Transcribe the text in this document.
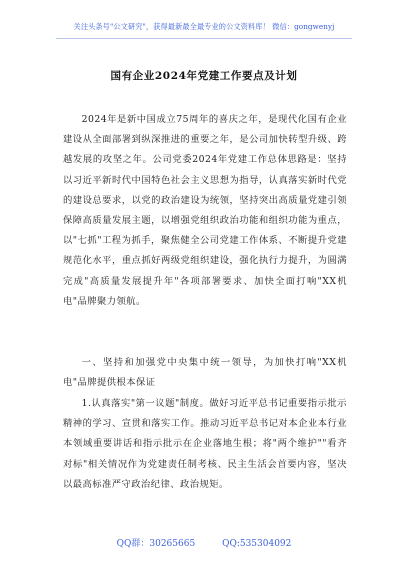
关注头条号"公文研究"，获得最新最全最专业的公文资料库！ 微信：gongwenyj
国有企业2024年党建工作要点及计划

2024年是新中国成立75周年的喜庆之年，是现代化国有企业建设从全面部署到纵深推进的重要之年，是公司加快转型升级、跨越发展的攻坚之年。公司党委2024年党建工作总体思路是：坚持以习近平新时代中国特色社会主义思想为指导，认真落实新时代党的建设总要求，以党的政治建设为统领，坚持突出高质量党建引领保障高质量发展主题，以增强党组织政治功能和组织功能为重点，以"七抓"工程为抓手，聚焦健全公司党建工作体系、不断提升党建规范化水平，重点抓好两级党组织建设，强化执行力提升，为圆满完成"高质量发展提升年"各项部署要求、加快全面打响"XX机电"品牌聚力领航。

一、坚持和加强党中央集中统一领导，为加快打响"XX机电"品牌提供根本保证

1.认真落实"第一议题"制度。做好习近平总书记重要指示批示精神的学习、宣贯和落实工作。推动习近平总书记对本企业本行业本领域重要讲话和指示批示在企业落地生根；将"两个维护""看齐对标"相关情况作为党建责任制考核、民主生活会首要内容，坚决以最高标准严守政治纪律、政治规矩。

QQ群：30265665	QQ:535304092
